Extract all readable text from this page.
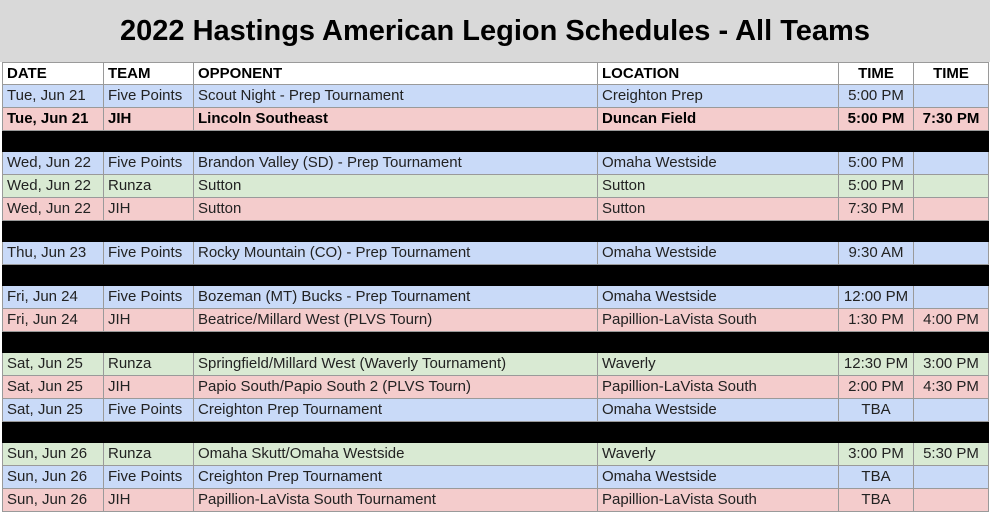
2022 Hastings American Legion Schedules - All Teams
DATE	TEAM	OPPONENT	LOCATION	TIME	TIME
Tue, Jun 21	Five Points	Scout Night - Prep Tournament	Creighton Prep	5:00 PM	
Tue, Jun 21	JIH	Lincoln Southeast	Duncan Field	5:00 PM	7:30 PM

Wed, Jun 22	Five Points	Brandon Valley (SD) - Prep Tournament	Omaha Westside	5:00 PM	
Wed, Jun 22	Runza	Sutton	Sutton	5:00 PM	
Wed, Jun 22	JIH	Sutton	Sutton	7:30 PM	

Thu, Jun 23	Five Points	Rocky Mountain (CO) - Prep Tournament	Omaha Westside	9:30 AM	

Fri, Jun 24	Five Points	Bozeman (MT) Bucks - Prep Tournament	Omaha Westside	12:00 PM	
Fri, Jun 24	JIH	Beatrice/Millard West (PLVS Tourn)	Papillion-LaVista South	1:30 PM	4:00 PM

Sat, Jun 25	Runza	Springfield/Millard West (Waverly Tournament)	Waverly	12:30 PM	3:00 PM
Sat, Jun 25	JIH	Papio South/Papio South 2 (PLVS Tourn)	Papillion-LaVista South	2:00 PM	4:30 PM
Sat, Jun 25	Five Points	Creighton Prep Tournament	Omaha Westside	TBA	

Sun, Jun 26	Runza	Omaha Skutt/Omaha Westside	Waverly	3:00 PM	5:30 PM
Sun, Jun 26	Five Points	Creighton Prep Tournament	Omaha Westside	TBA	
Sun, Jun 26	JIH	Papillion-LaVista South Tournament	Papillion-LaVista South	TBA	
